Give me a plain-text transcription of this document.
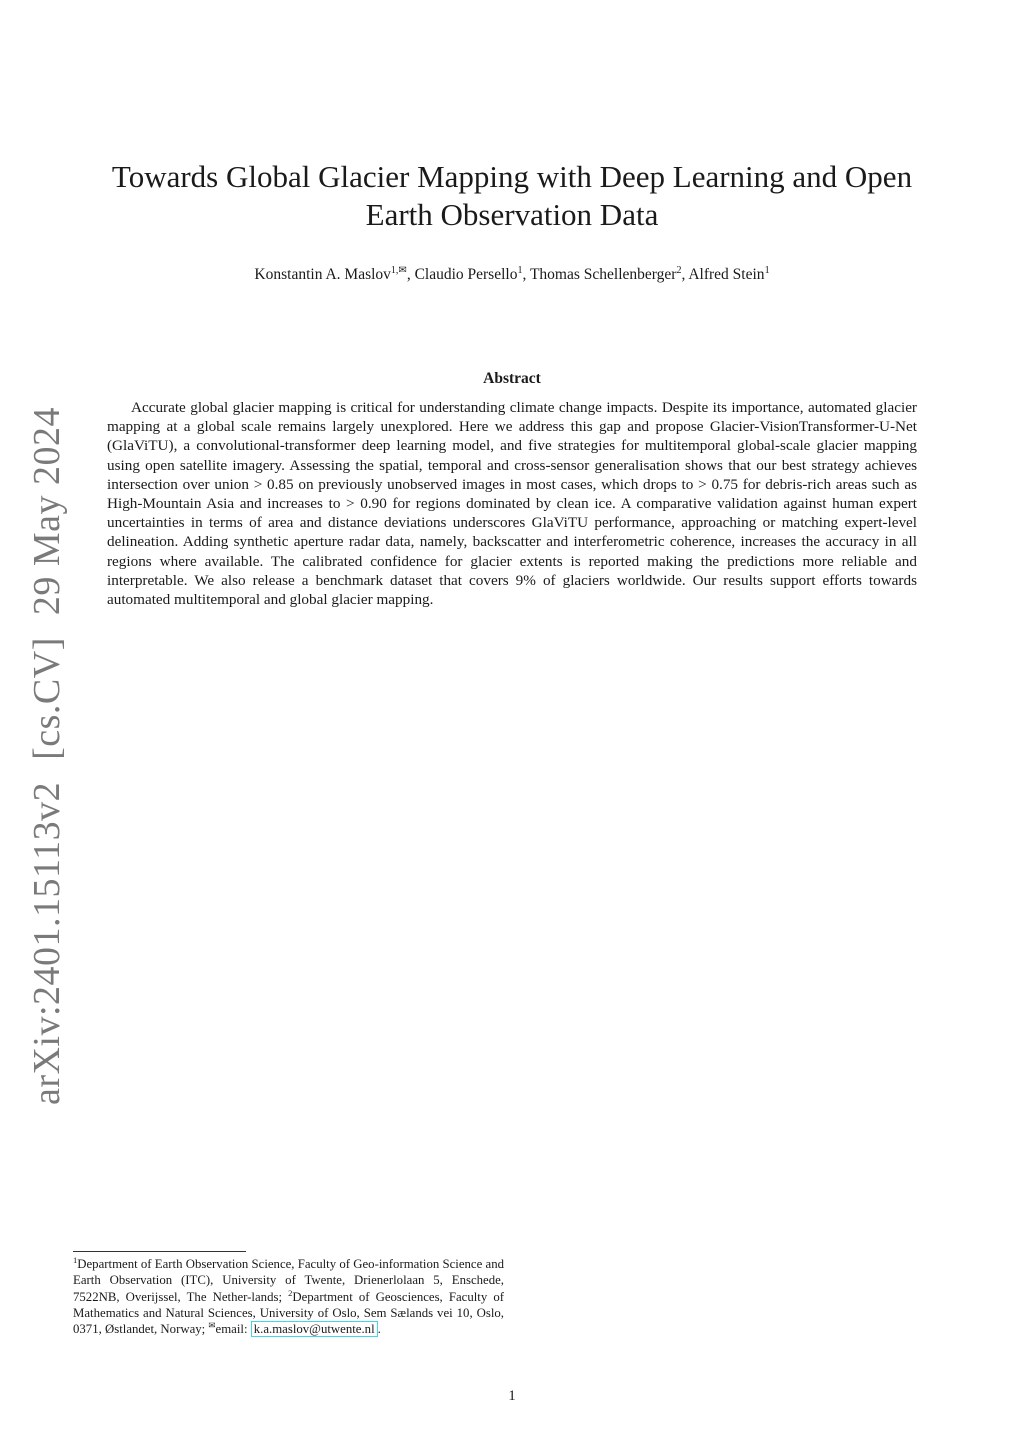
arXiv:2401.15113v2[cs.CV]29 May 2024
Towards Global Glacier Mapping with Deep Learning and Open Earth Observation Data
Konstantin A. Maslov$^{1,✉}$, Claudio Persello$^1$, Thomas Schellenberger$^2$, Alfred Stein$^1$
Abstract

Accurate global glacier mapping is critical for understanding climate change impacts. Despite its importance, automated glacier mapping at a global scale remains largely unexplored. Here we address this gap and propose Glacier-VisionTransformer-U-Net (GlaViTU), a convolutional-transformer deep learning model, and five strategies for multitemporal global-scale glacier mapping using open satellite imagery. Assessing the spatial, temporal and cross-sensor generalisation shows that our best strategy achieves intersection over union > 0.85 on previously unobserved images in most cases, which drops to > 0.75 for debris-rich areas such as High-Mountain Asia and increases to > 0.90 for regions dominated by clean ice. A comparative validation against human expert uncertainties in terms of area and distance deviations underscores GlaViTU performance, approaching or matching expert-level delineation. Adding synthetic aperture radar data, namely, backscatter and interferometric coherence, increases the accuracy in all regions where available. The calibrated confidence for glacier extents is reported making the predictions more reliable and interpretable. We also release a benchmark dataset that covers 9% of glaciers worldwide. Our results support efforts towards automated multitemporal and global glacier mapping.

$^1$Department of Earth Observation Science, Faculty of Geo-information Science and Earth Observation (ITC), University of Twente, Drienerlolaan 5, Enschede, 7522NB, Overijssel, The Nether-lands; $^2$Department of Geosciences, Faculty of Mathematics and Natural Sciences, University of Oslo, Sem Sælands vei 10, Oslo, 0371, Østlandet, Norway; ✉email: k.a.maslov@utwente.nl .

1
